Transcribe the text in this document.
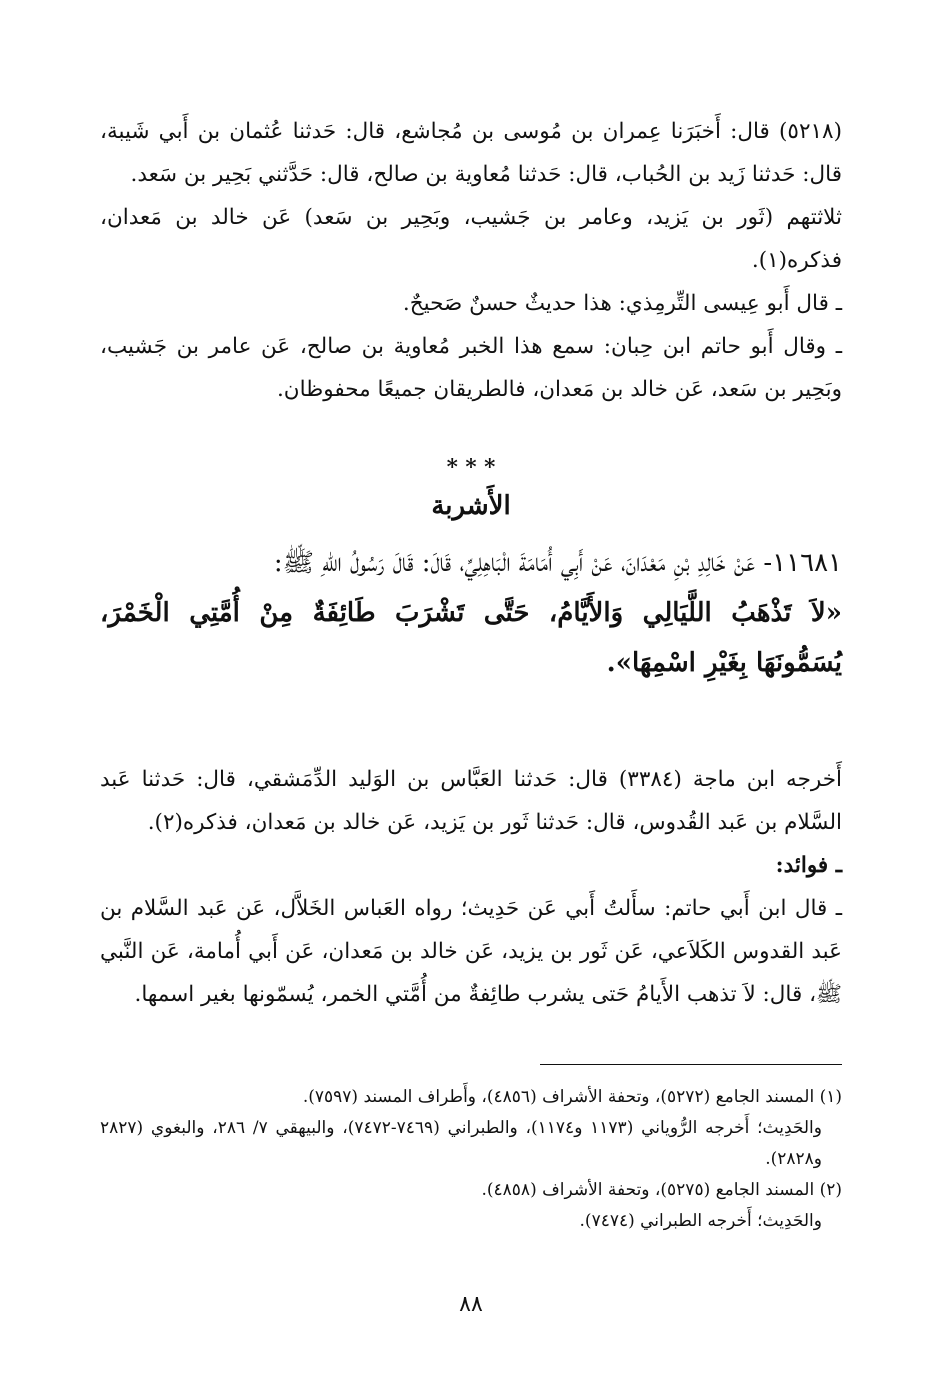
(٥٢١٨) قال: أَخبَرَنا عِمران بن مُوسى بن مُجاشع، قال: حَدثنا عُثمان بن أَبي شَيبة، قال: حَدثنا زَيد بن الحُباب، قال: حَدثنا مُعاوية بن صالح، قال: حَدَّثني بَحِير بن سَعد.

ثلاثتهم (ثَور بن يَزيد، وعامر بن جَشيب، وبَحِير بن سَعد) عَن خالد بن مَعدان، فذكره(١).

ـ قال أَبو عِيسى التِّرمِذي: هذا حديثٌ حسنٌ صَحيحٌ.

ـ وقال أَبو حاتم ابن حِبان: سمع هذا الخبر مُعاوية بن صالح، عَن عامر بن جَشيب، وبَحِير بن سَعد، عَن خالد بن مَعدان، فالطريقان جميعًا محفوظان.

* * *
الأَشربة

١١٦٨١- عَنْ خَالِدِ بْنِ مَعْدَانَ، عَنْ أَبِي أُمَامَةَ الْبَاهِلِيِّ، قَالَ: قَالَ رَسُولُ اللهِ ﷺ:

«لاَ تَذْهَبُ اللَّيَالِي وَالأَيَّامُ، حَتَّى تَشْرَبَ طَائِفَةٌ مِنْ أُمَّتِي الْخَمْرَ، يُسَمُّونَهَا بِغَيْرِ اسْمِهَا».

أَخرجه ابن ماجة (٣٣٨٤) قال: حَدثنا العَبَّاس بن الوَليد الدِّمَشقي، قال: حَدثنا عَبد السَّلام بن عَبد القُدوس، قال: حَدثنا ثَور بن يَزيد، عَن خالد بن مَعدان، فذكره(٢).

ـ فوائد:

ـ قال ابن أَبي حاتم: سأَلتُ أَبي عَن حَدِيث؛ رواه العَباس الخَلاَّل، عَن عَبد السَّلام بن عَبد القدوس الكَلاَعي، عَن ثَور بن يزيد، عَن خالد بن مَعدان، عَن أَبي أُمامة، عَن النَّبي ﷺ، قال: لاَ تذهب الأَيامُ حَتى يشرب طائِفةٌ من أُمَّتي الخمر، يُسمّونها بغير اسمها.

(١) المسند الجامع (٥٢٧٢)، وتحفة الأشراف (٤٨٥٦)، وأَطراف المسند (٧٥٩٧).

والحَدِيث؛ أَخرجه الرُّوياني (١١٧٣ و١١٧٤)، والطبراني (٧٤٦٩-٧٤٧٢)، والبيهقي ٧/ ٢٨٦، والبغوي (٢٨٢٧ و٢٨٢٨).

(٢) المسند الجامع (٥٢٧٥)، وتحفة الأشراف (٤٨٥٨).

والحَدِيث؛ أَخرجه الطبراني (٧٤٧٤).

٨٨
